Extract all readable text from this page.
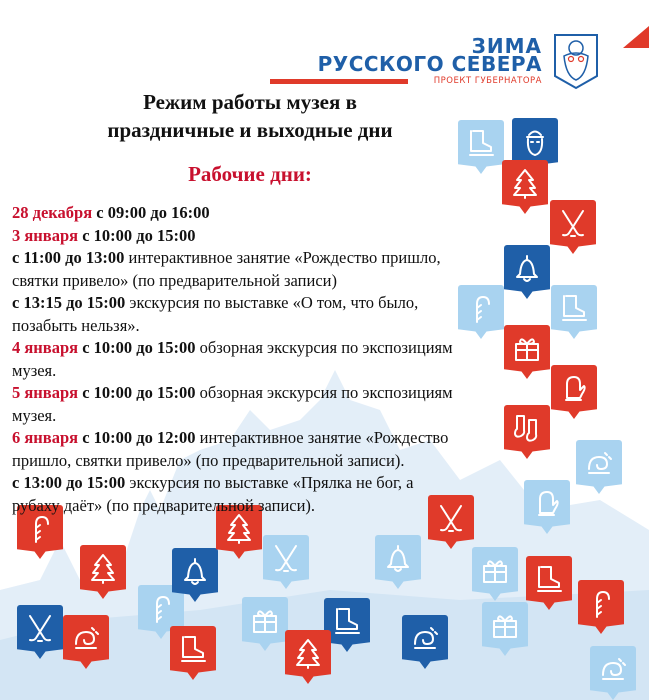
ЗИМА
РУССКОГО СЕВЕРА
ПРОЕКТ ГУБЕРНАТОРА
Режим работы музея в
праздничные и выходные дни
Рабочие дни:
28 декабря с 09:00 до 16:00
3 января с 10:00 до 15:00
с 11:00 до 13:00 интерактивное занятие «Рождество пришло,
святки привело» (по предварительной записи)
с 13:15 до 15:00 экскурсия по выставке «О том, что было,
позабыть нельзя».
4 января с 10:00 до 15:00 обзорная экскурсия по экспозициям
музея.
5 января с 10:00 до 15:00 обзорная экскурсия по экспозициям
музея.
6 января с 10:00 до 12:00 интерактивное занятие «Рождество
пришло, святки привело» (по предварительной записи).
с 13:00 до 15:00 экскурсия по выставке «Прялка не бог, а
рубаху даёт» (по предварительной записи).
